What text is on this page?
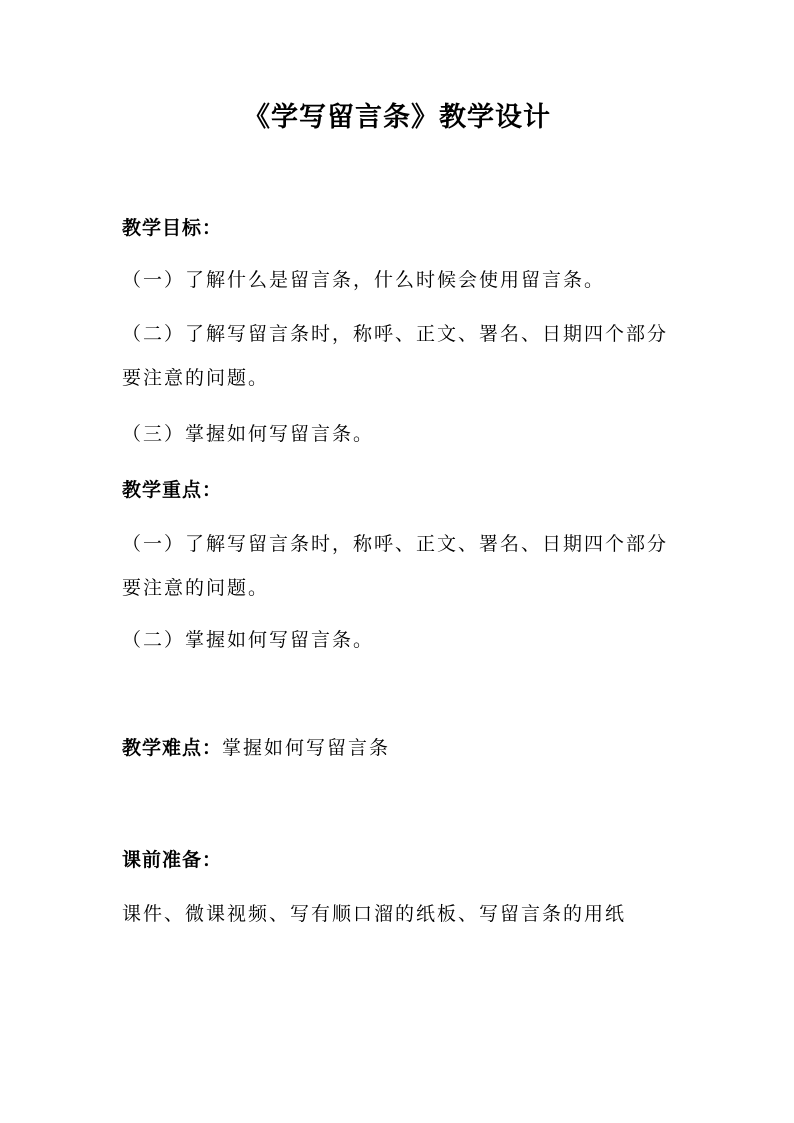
《学写留言条》教学设计
教学目标：
（一）了解什么是留言条，什么时候会使用留言条。
（二）了解写留言条时，称呼、正文、署名、日期四个部分
要注意的问题。
（三）掌握如何写留言条。
教学重点：
（一）了解写留言条时，称呼、正文、署名、日期四个部分
要注意的问题。
（二）掌握如何写留言条。
教学难点：掌握如何写留言条
课前准备：
课件、微课视频、写有顺口溜的纸板、写留言条的用纸
